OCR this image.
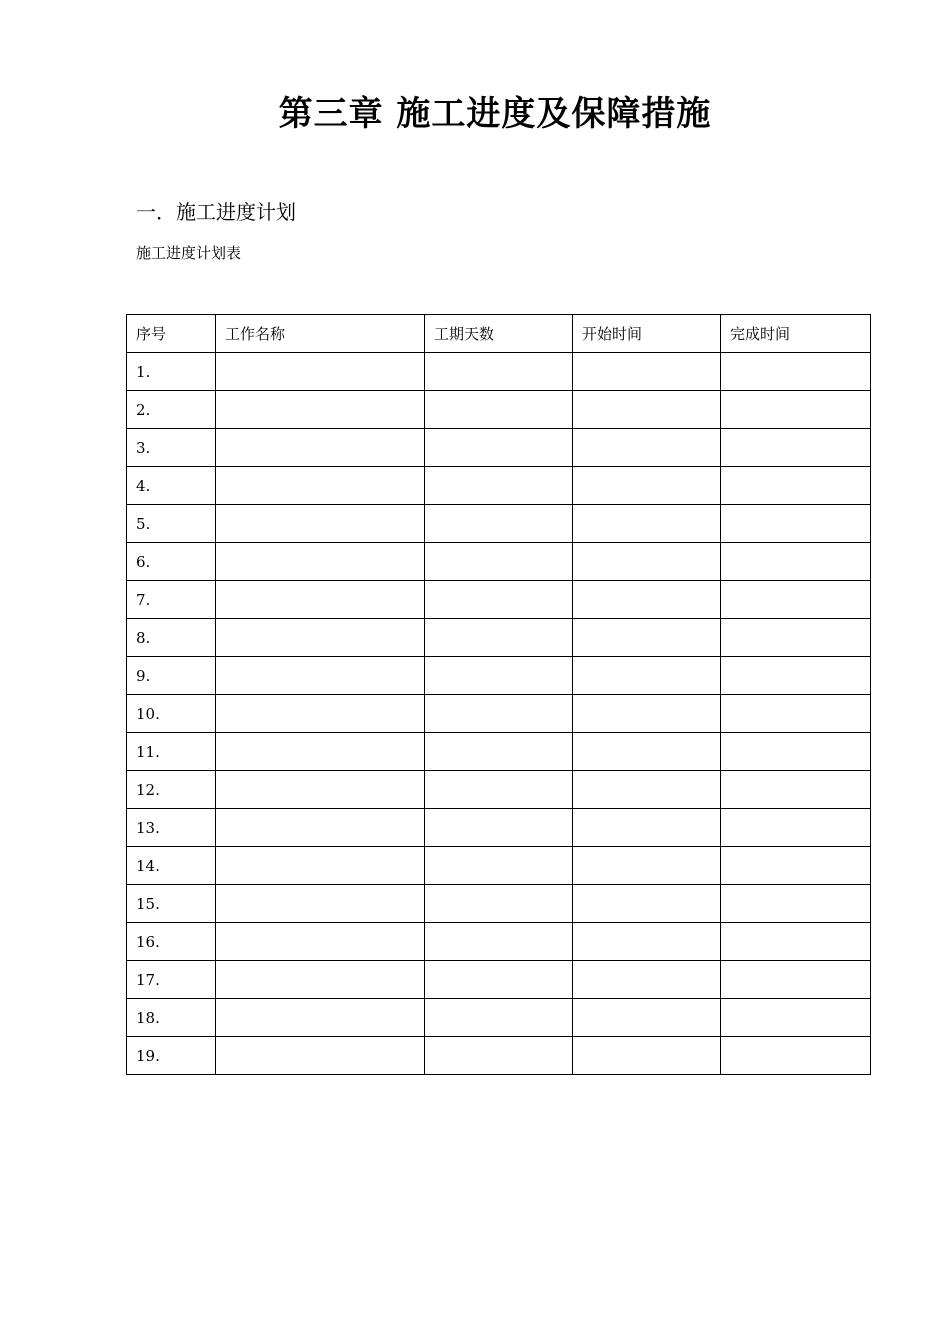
第三章 施工进度及保障措施
一．施工进度计划

施工进度计划表

序号	工作名称	工期天数	开始时间	完成时间
1.				
2.				
3.				
4.				
5.				
6.				
7.				
8.				
9.				
10.				
11.				
12.				
13.				
14.				
15.				
16.				
17.				
18.				
19.				
